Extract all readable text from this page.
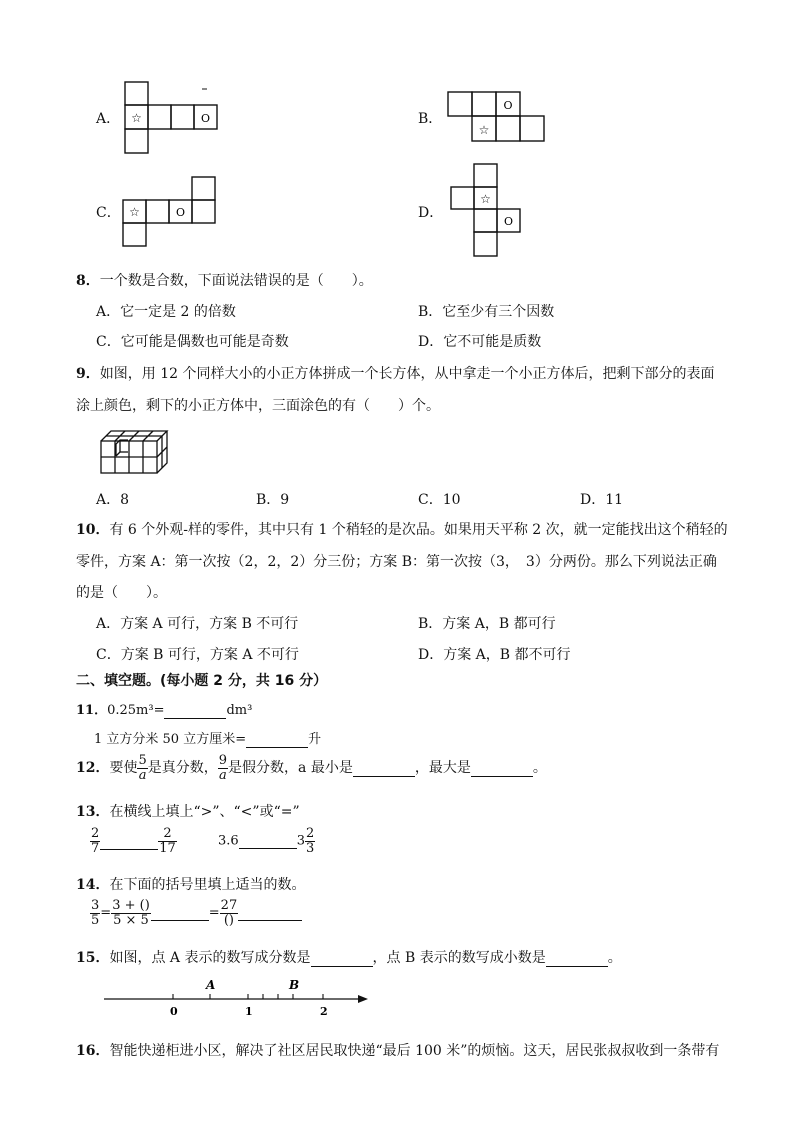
A． ☆	O	B．
O
☆
C． ☆	O	D．
☆
O
8．一个数是合数，下面说法错误的是（　　）。
A．它一定是 2 的倍数	B．它至少有三个因数
C．它可能是偶数也可能是奇数	D．它不可能是质数
9．如图，用 12 个同样大小的小正方体拼成一个长方体，从中拿走一个小正方体后，把剩下部分的表面
涂上颜色，剩下的小正方体中，三面涂色的有（　　）个。
A．8	B．9	C．10	D．11
10．有 6 个外观-样的零件，其中只有 1 个稍轻的是次品。如果用天平称 2 次，就一定能找出这个稍轻的
零件，方案 A：第一次按（2，2，2）分三份；方案 B：第一次按（3，　3）分两份。那么下列说法正确
的是（　　）。
A．方案 A 可行，方案 B 不可行	B．方案 A，B 都可行
C．方案 B 可行，方案 A 不可行	D．方案 A，B 都不可行
二、填空题。(每小题 2 分，共 16 分）
11．0.25m³=	dm³
1 立方分米 50 立方厘米=	升
12．要使 $\frac{5}{a}$ 是真分数， $\frac{9}{a}$ 是假分数，a 最小是	，最大是	。
13．在横线上填上“>”、“<”或“=”
$\frac{2}{7}$
	$\frac{2}{17}$	3.6	$3 \frac{2}{3}$
14．在下面的括号里填上适当的数。
$\frac{3}{5} = \frac{3 + ()}{5 \times 5}$	= $\frac{27}{()}$

15．如图，点 A 表示的数写成分数是	，点 B 表示的数写成小数是	。
A	B
0	1	2
16．智能快递柜进小区，解决了社区居民取快递“最后 100 米”的烦恼。这天，居民张叔叔收到一条带有
